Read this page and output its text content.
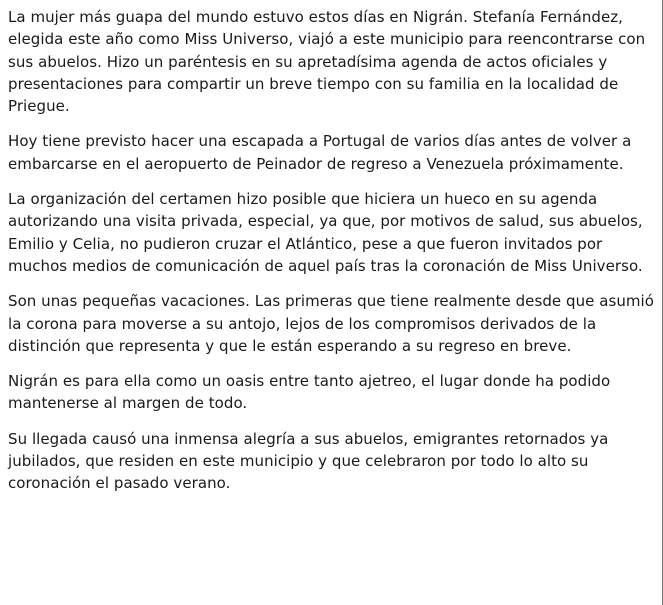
La mujer más guapa del mundo estuvo estos días en Nigrán. Stefanía Fernández, elegida este año como Miss Universo, viajó a este municipio para reencontrarse con sus abuelos. Hizo un paréntesis en su apretadísima agenda de actos oficiales y presentaciones para compartir un breve tiempo con su familia en la localidad de Priegue.

Hoy tiene previsto hacer una escapada a Portugal de varios días antes de volver a embarcarse en el aeropuerto de Peinador de regreso a Venezuela próximamente.

La organización del certamen hizo posible que hiciera un hueco en su agenda autorizando una visita privada, especial, ya que, por motivos de salud, sus abuelos, Emilio y Celia, no pudieron cruzar el Atlántico, pese a que fueron invitados por muchos medios de comunicación de aquel país tras la coronación de Miss Universo.

Son unas pequeñas vacaciones. Las primeras que tiene realmente desde que asumió la corona para moverse a su antojo, lejos de los compromisos derivados de la distinción que representa y que le están esperando a su regreso en breve.

Nigrán es para ella como un oasis entre tanto ajetreo, el lugar donde ha podido mantenerse al margen de todo.

Su llegada causó una inmensa alegría a sus abuelos, emigrantes retornados ya jubilados, que residen en este municipio y que celebraron por todo lo alto su coronación el pasado verano.
